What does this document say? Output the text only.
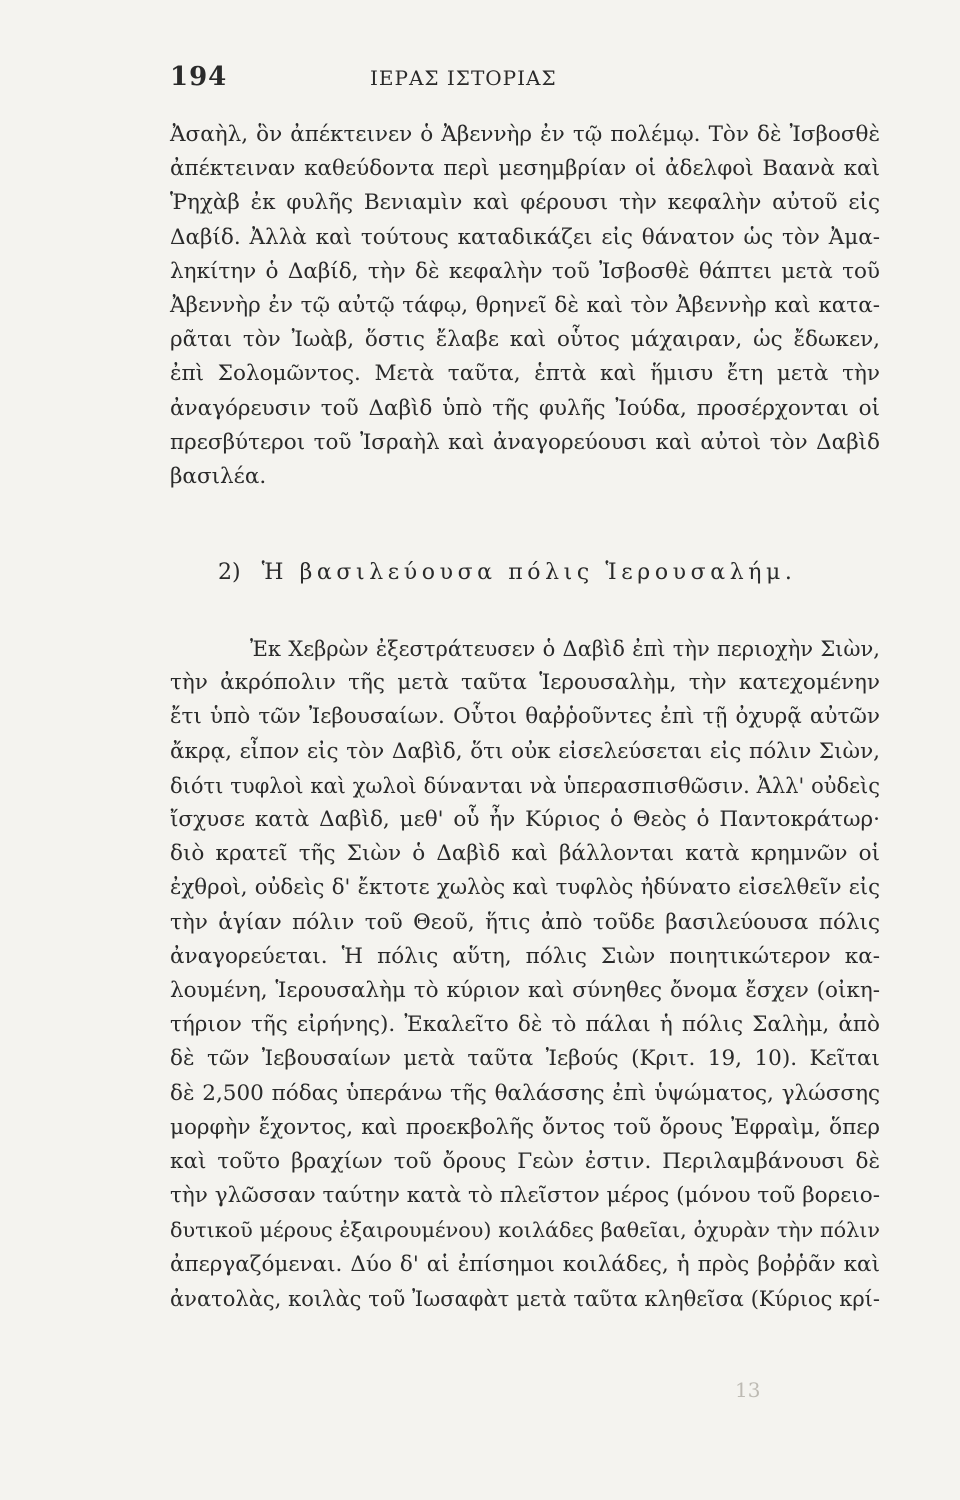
194	ΙΕΡΑΣ ΙΣΤΟΡΙΑΣ
Ἀσαὴλ, ὃν ἀπέκτεινεν ὁ Ἀβεννὴρ ἐν τῷ πολέμῳ. Τὸν δὲ Ἰσβοσθὲ
ἀπέκτειναν καθεύδοντα περὶ μεσημβρίαν οἱ ἀδελφοὶ Βαανὰ καὶ
Ῥηχὰβ ἐκ φυλῆς Βενιαμὶν καὶ φέρουσι τὴν κεφαλὴν αὐτοῦ εἰς
Δαβίδ. Ἀλλὰ καὶ τούτους καταδικάζει εἰς θάνατον ὡς τὸν Ἀμα-
ληκίτην ὁ Δαβίδ, τὴν δὲ κεφαλὴν τοῦ Ἰσβοσθὲ θάπτει μετὰ τοῦ
Ἀβεννὴρ ἐν τῷ αὐτῷ τάφῳ, θρηνεῖ δὲ καὶ τὸν Ἀβεννὴρ καὶ κατα-
ρᾶται τὸν Ἰωὰβ, ὅστις ἔλαβε καὶ οὗτος μάχαιραν, ὡς ἔδωκεν,
ἐπὶ Σολομῶντος. Μετὰ ταῦτα, ἑπτὰ καὶ ἥμισυ ἔτη μετὰ τὴν
ἀναγόρευσιν τοῦ Δαβὶδ ὑπὸ τῆς φυλῆς Ἰούδα, προσέρχονται οἱ
πρεσβύτεροι τοῦ Ἰσραὴλ καὶ ἀναγορεύουσι καὶ αὐτοὶ τὸν Δαβὶδ
βασιλέα.
2) Ἡ βασιλεύουσα πόλις Ἱερουσαλήμ.
Ἐκ Χεβρὼν ἐξεστράτευσεν ὁ Δαβὶδ ἐπὶ τὴν περιοχὴν Σιὼν,
τὴν ἀκρόπολιν τῆς μετὰ ταῦτα Ἱερουσαλὴμ, τὴν κατεχομένην
ἔτι ὑπὸ τῶν Ἰεβουσαίων. Οὗτοι θαῤῥοῦντες ἐπὶ τῇ ὀχυρᾷ αὐτῶν
ἄκρᾳ, εἶπον εἰς τὸν Δαβὶδ, ὅτι οὐκ εἰσελεύσεται εἰς πόλιν Σιὼν,
διότι τυφλοὶ καὶ χωλοὶ δύνανται νὰ ὑπερασπισθῶσιν. Ἀλλ' οὐδεὶς
ἴσχυσε κατὰ Δαβὶδ, μεθ' οὗ ἦν Κύριος ὁ Θεὸς ὁ Παντοκράτωρ·
διὸ κρατεῖ τῆς Σιὼν ὁ Δαβὶδ καὶ βάλλονται κατὰ κρημνῶν οἱ
ἐχθροὶ, οὐδεὶς δ' ἔκτοτε χωλὸς καὶ τυφλὸς ἠδύνατο εἰσελθεῖν εἰς
τὴν ἁγίαν πόλιν τοῦ Θεοῦ, ἥτις ἀπὸ τοῦδε βασιλεύουσα πόλις
ἀναγορεύεται. Ἡ πόλις αὕτη, πόλις Σιὼν ποιητικώτερον κα-
λουμένη, Ἱερουσαλὴμ τὸ κύριον καὶ σύνηθες ὄνομα ἔσχεν (οἰκη-
τήριον τῆς εἰρήνης). Ἐκαλεῖτο δὲ τὸ πάλαι ἡ πόλις Σαλὴμ, ἀπὸ
δὲ τῶν Ἰεβουσαίων μετὰ ταῦτα Ἰεβούς (Κριτ. 19, 10). Κεῖται
δὲ 2,500 πόδας ὑπεράνω τῆς θαλάσσης ἐπὶ ὑψώματος, γλώσσης
μορφὴν ἔχοντος, καὶ προεκβολῆς ὄντος τοῦ ὄρους Ἐφραὶμ, ὅπερ
καὶ τοῦτο βραχίων τοῦ ὄρους Γεὼν ἐστιν. Περιλαμβάνουσι δὲ
τὴν γλῶσσαν ταύτην κατὰ τὸ πλεῖστον μέρος (μόνου τοῦ βορειο-
δυτικοῦ μέρους ἐξαιρουμένου) κοιλάδες βαθεῖαι, ὀχυρὰν τὴν πόλιν
ἀπεργαζόμεναι. Δύο δ' αἱ ἐπίσημοι κοιλάδες, ἡ πρὸς βοῤῥᾶν καὶ
ἀνατολὰς, κοιλὰς τοῦ Ἰωσαφὰτ μετὰ ταῦτα κληθεῖσα (Κύριος κρί-
13
